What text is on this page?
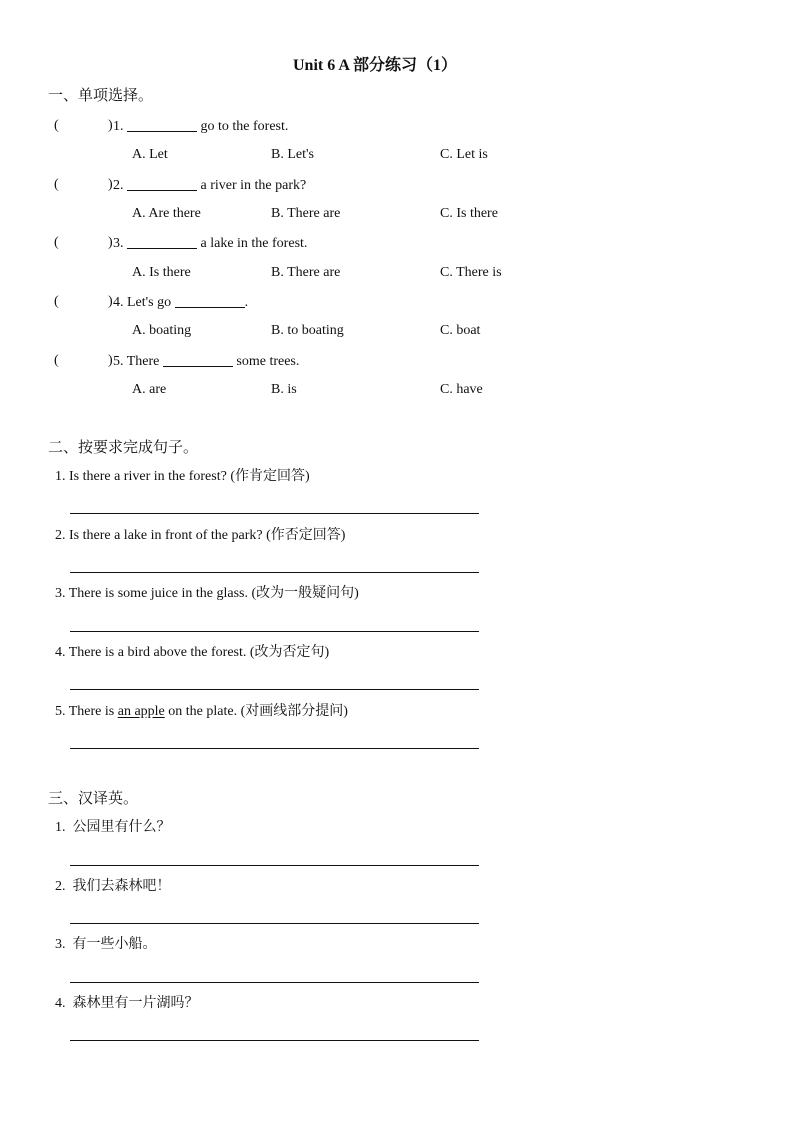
Unit 6 A 部分练习（1）
一、单项选择。
(	) 1.	go to the forest.
A. Let	B. Let's	C. Let is
(	) 2.	a river in the park?
A. Are there	B. There are	C. Is there
(	) 3.	a lake in the forest.
A. Is there	B. There are	C. There is
(	) 4. Let's go	.
A. boating	B. to boating	C. boat
(	) 5. There	some trees.
A. are	B. is	C. have
二、按要求完成句子。
1. Is there a river in the forest? (作肯定回答)
2. Is there a lake in front of the park? (作否定回答)
3. There is some juice in the glass. (改为一般疑问句)
4. There is a bird above the forest. (改为否定句)
5. There is an apple on the plate. (对画线部分提问)
三、汉译英。
1. 公园里有什么？
2. 我们去森林吧！
3. 有一些小船。
4. 森林里有一片湖吗？
